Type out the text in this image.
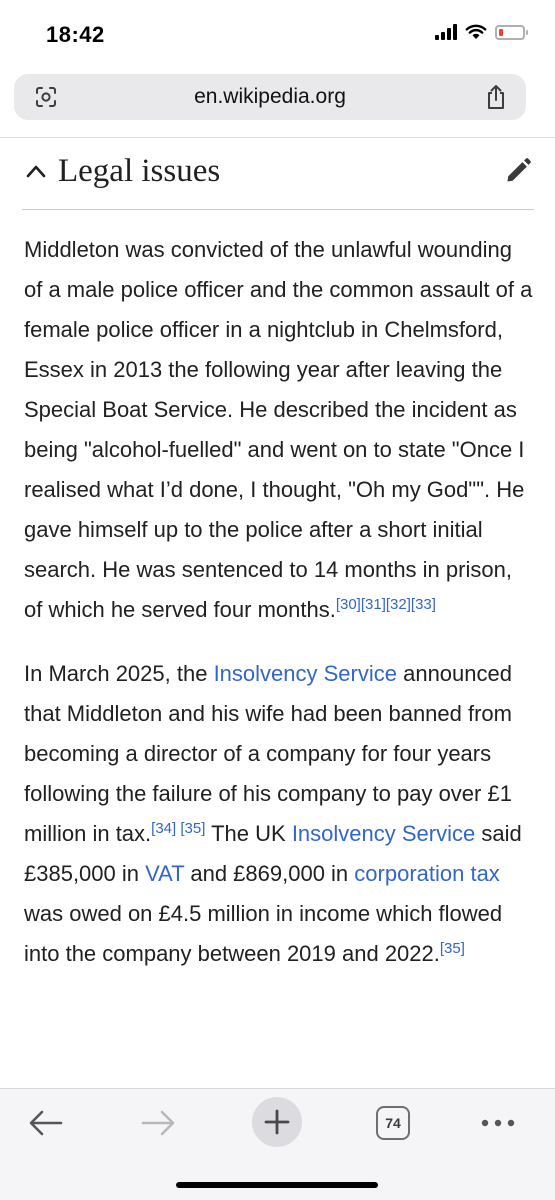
18:42
en.wikipedia.org
Legal issues

Middleton was convicted of the unlawful wounding of a male police officer and the common assault of a female police officer in a nightclub in Chelmsford, Essex in 2013 the following year after leaving the Special Boat Service. He described the incident as being "alcohol-fuelled" and went on to state "Once I realised what I’d done, I thought, "Oh my God"". He gave himself up to the police after a short initial search. He was sentenced to 14 months in prison, of which he served four months.[30][31][32][33]

In March 2025, the Insolvency Service announced that Middleton and his wife had been banned from becoming a director of a company for four years following the failure of his company to pay over £1 million in tax.[34] [35] The UK Insolvency Service said £385,000 in VAT and £869,000 in corporation tax was owed on £4.5 million in income which flowed into the company between 2019 and 2022.[35]

74
